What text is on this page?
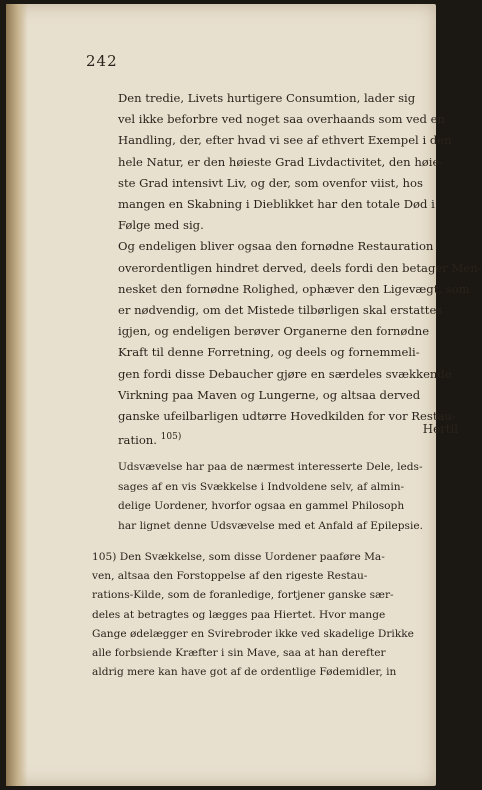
242

Den tredie, Livets hurtigere Consumtion, lader sig
vel ikke beforbre ved noget saa overhaands som ved en
Handling, der, efter hvad vi see af ethvert Exempel i den
hele Natur, er den høieste Grad Livdactivitet, den høie-
ste Grad intensivt Liv, og der, som ovenfor viist, hos
mangen en Skabning i Dieblikket har den totale Død i
Følge med sig.

Og endeligen bliver ogsaa den fornødne Restauration
overordentligen hindret derved, deels fordi den betager Men-
nesket den fornødne Rolighed, ophæver den Ligevægt, som
er nødvendig, om det Mistede tilbørligen skal erstattes
igjen, og endeligen berøver Organerne den fornødne
Kraft til denne Forretning, og deels og fornemmeli-
gen fordi disse Debaucher gjøre en særdeles svækkende
Virkning paa Maven og Lungerne, og altsaa derved
ganske ufeilbarligen udtørre Hovedkilden for vor Restau-
ration. $^{105)}$

Hertil
Udsvævelse har paa de nærmest interesserte Dele, leds-
sages af en vis Svækkelse i Indvoldene selv, af almin-
delige Uordener, hvorfor ogsaa en gammel Philosoph
har lignet denne Udsvævelse med et Anfald af Epilepsie.
105) Den Svækkelse, som disse Uordener paaføre Ma-
ven, altsaa den Forstoppelse af den rigeste Restau-
rations-Kilde, som de foranledige, fortjener ganske sær-
deles at betragtes og lægges paa Hiertet. Hvor mange
Gange ødelægger en Svirebroder ikke ved skadelige Drikke
alle forbsiende Kræfter i sin Mave, saa at han derefter
aldrig mere kan have got af de ordentlige Fødemidler, in
